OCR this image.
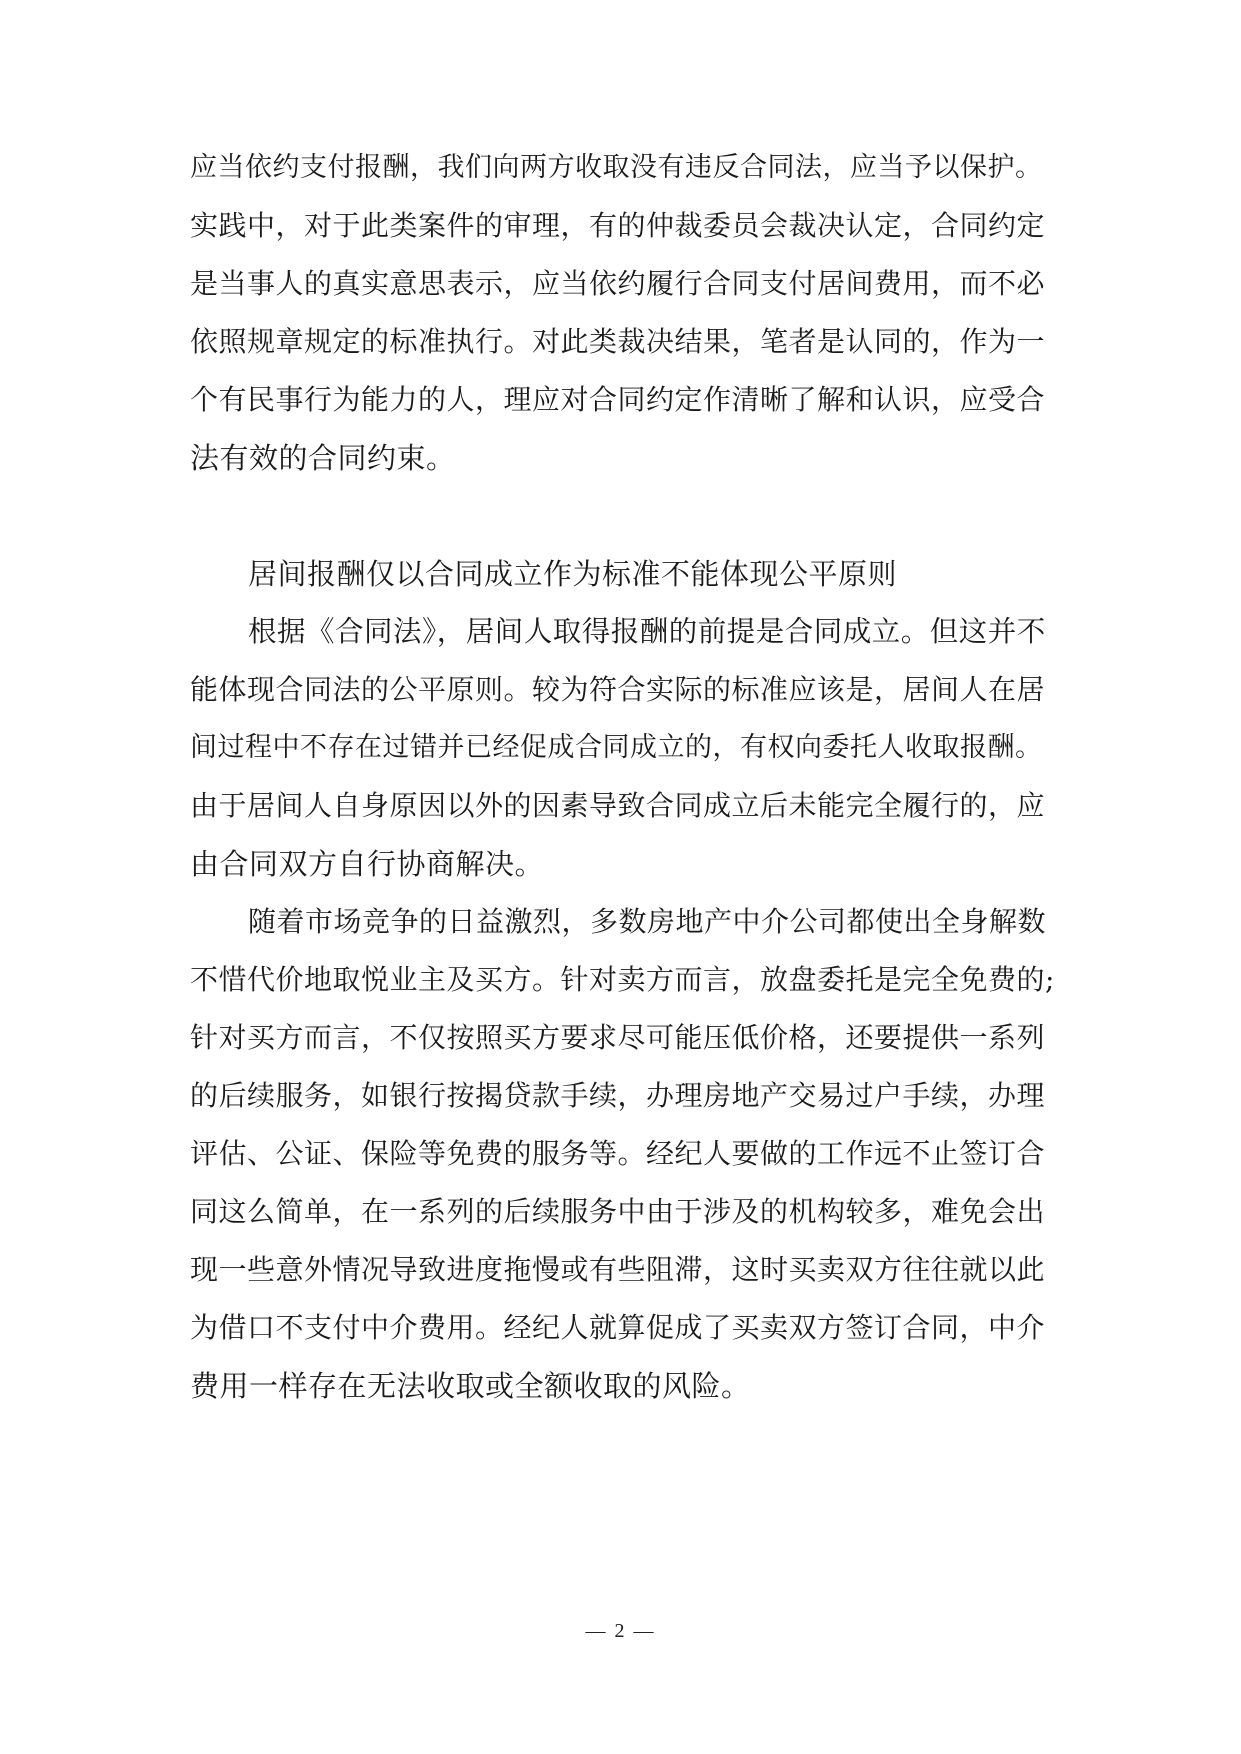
应当依约支付报酬，我们向两方收取没有违反合同法，应当予以保护。
实践中，对于此类案件的审理，有的仲裁委员会裁决认定，合同约定
是当事人的真实意思表示，应当依约履行合同支付居间费用，而不必
依照规章规定的标准执行。对此类裁决结果，笔者是认同的，作为一
个有民事行为能力的人，理应对合同约定作清晰了解和认识，应受合
法有效的合同约束。
居间报酬仅以合同成立作为标准不能体现公平原则
根据《合同法》，居间人取得报酬的前提是合同成立。但这并不
能体现合同法的公平原则。较为符合实际的标准应该是，居间人在居
间过程中不存在过错并已经促成合同成立的，有权向委托人收取报酬。
由于居间人自身原因以外的因素导致合同成立后未能完全履行的，应
由合同双方自行协商解决。
随着市场竞争的日益激烈，多数房地产中介公司都使出全身解数
不惜代价地取悦业主及买方。针对卖方而言，放盘委托是完全免费的;
针对买方而言，不仅按照买方要求尽可能压低价格，还要提供一系列
的后续服务，如银行按揭贷款手续，办理房地产交易过户手续，办理
评估、公证、保险等免费的服务等。经纪人要做的工作远不止签订合
同这么简单，在一系列的后续服务中由于涉及的机构较多，难免会出
现一些意外情况导致进度拖慢或有些阻滞，这时买卖双方往往就以此
为借口不支付中介费用。经纪人就算促成了买卖双方签订合同，中介
费用一样存在无法收取或全额收取的风险。
— 2 —
